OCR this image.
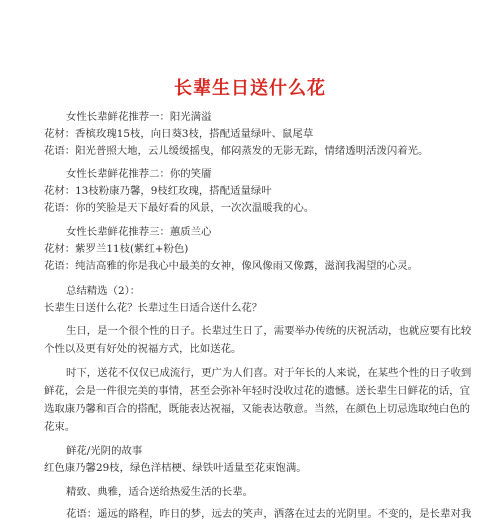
长辈生日送什么花
女性长辈鲜花推荐一：阳光满溢
花材：香槟玫瑰15枝，向日葵3枝，搭配适量绿叶、鼠尾草
花语：阳光普照大地，云儿缓缓摇曳，郁闷蒸发的无影无踪，情绪透明活泼闪着光。
女性长辈鲜花推荐二：你的笑靥
花材：13枝粉康乃馨，9枝红玫瑰，搭配适量绿叶
花语：你的笑脸是天下最好看的风景，一次次温暖我的心。
女性长辈鲜花推荐三：蕙质兰心
花材：紫罗兰11枝(紫红+粉色)
花语：纯洁高雅的你是我心中最美的女神，像风像雨又像露，滋润我渴望的心灵。
总结精选（2）：
长辈生日送什么花？长辈过生日适合送什么花？
生日，是一个很个性的日子。长辈过生日了，需要举办传统的庆祝活动，也就应要有比较
个性以及更有好处的祝福方式，比如送花。
时下，送花不仅仅已成流行，更广为人们喜。对于年长的人来说，在某些个性的日子收到
鲜花，会是一件很完美的事情，甚至会弥补年轻时没收过花的遗憾。送长辈生日鲜花的话，宜
选取康乃馨和百合的搭配，既能表达祝福，又能表达敬意。当然，在颜色上切忌选取纯白色的
花束。
鲜花/光阴的故事
红色康乃馨29枝，绿色洋桔梗、绿铁叶适量至花束饱满。
精致、典雅，适合送给热爱生活的长辈。
花语：遥远的路程，昨日的梦，远去的笑声，洒落在过去的光阴里。不变的，是长辈对我
